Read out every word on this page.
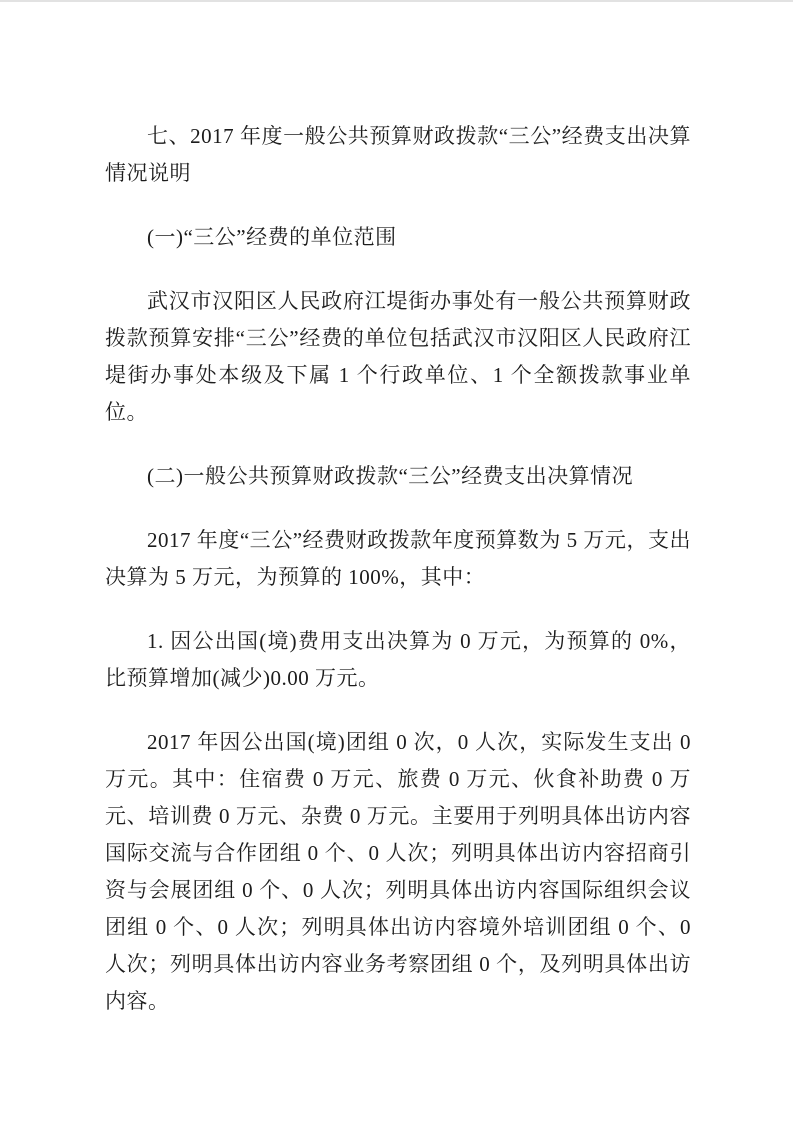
七、2017 年度一般公共预算财政拨款“三公”经费支出决算情况说明

(一)“三公”经费的单位范围

武汉市汉阳区人民政府江堤街办事处有一般公共预算财政拨款预算安排“三公”经费的单位包括武汉市汉阳区人民政府江堤街办事处本级及下属 1 个行政单位、1 个全额拨款事业单位。

(二)一般公共预算财政拨款“三公”经费支出决算情况

2017 年度“三公”经费财政拨款年度预算数为 5 万元，支出决算为 5 万元，为预算的 100%，其中：

1. 因公出国(境)费用支出决算为 0 万元，为预算的 0%，比预算增加(减少)0.00 万元。

2017 年因公出国(境)团组 0 次，0 人次，实际发生支出 0 万元。其中：住宿费 0 万元、旅费 0 万元、伙食补助费 0 万元、培训费 0 万元、杂费 0 万元。主要用于列明具体出访内容国际交流与合作团组 0 个、0 人次；列明具体出访内容招商引资与会展团组 0 个、0 人次；列明具体出访内容国际组织会议团组 0 个、0 人次；列明具体出访内容境外培训团组 0 个、0 人次；列明具体出访内容业务考察团组 0 个，及列明具体出访内容。
